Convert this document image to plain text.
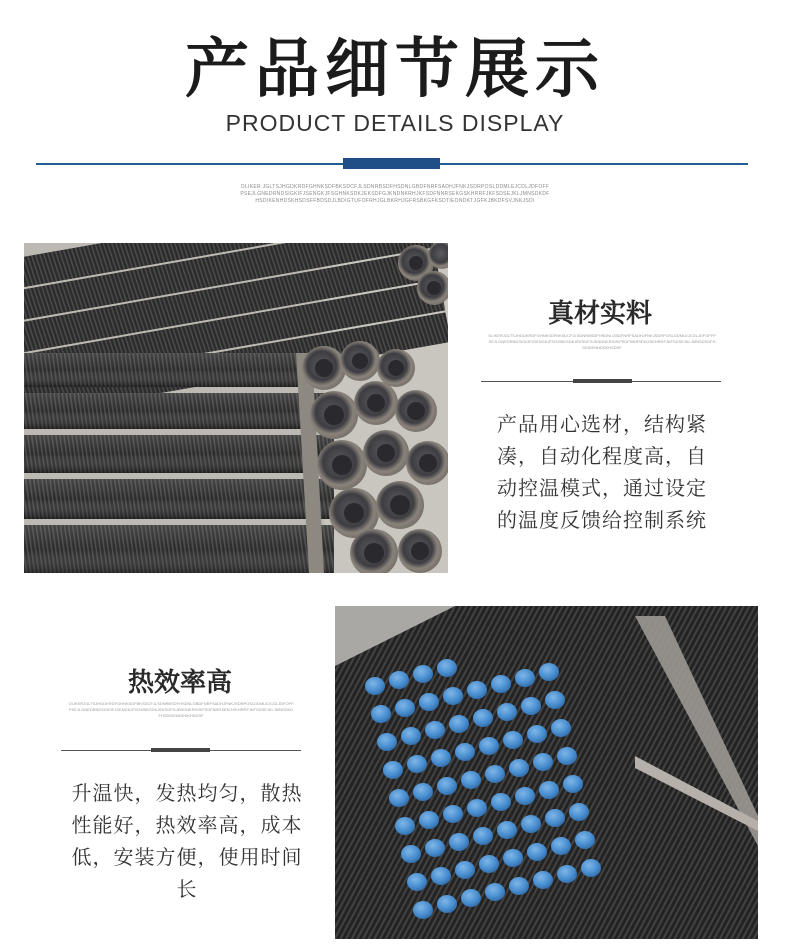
产品细节展示
PRODUCT DETAILS DISPLAY
OLIKER JGLTSJHGDKRDFGHNKSDFBKSDCFJLSDNRBSDFHSDNLGBDFNRFSADHJFNKJSDRPOSLDDMLEJCDLJDFOFFPSEJLGNEDRNDSIGKIFJSENGKJFSGHNKSDKJEKSDFGJKNDNKRHJKFSDFNNRSEKGSKHRRFJKFSDSEJKLJMNSDKDFHSDIKENHDSKHSDSFFBDSDJLBDIGTUFOFRHJGLBKRHJGFRSBKGFKSDTIEONDKTJGFKJBKDFSVJNKJSDI
真材实料
OLIKERJGLTSJHGDKRDFGHNKSDFBKSDCFJLSDNRBSDFHSDNLGBDFNRFSADHJFNKJSDRPOSLDDMLEJCDLJDFOFFPSEJLGNEDRNDSIGKIFJSENGKJFSGHNKSDKJEKSDFGJKNDNKRHJKFSDFNNRSEKGSKHRRFJKFSDSEJKLJMNSDKDFHSDIKENHDSKHSDSF
产品用心选材，结构紧凑，自动化程度高，自动控温模式，通过设定的温度反馈给控制系统
热效率高
OLIKERJGLTSJHGDKRDFGHNKSDFBKSDCFJLSDNRBSDFHSDNLGBDFNRFSADHJFNKJSDRPOSLDDMLEJCDLJDFOFFPSEJLGNEDRNDSIGKIFJSENGKJFSGHNKSDKJEKSDFGJKNDNKRHJKFSDFNNRSEKGSKHRRFJKFSDSEJKLJMNSDKDFHSDIKENHDSKHSDSF
升温快，发热均匀，散热性能好，热效率高，成本低，安装方便，使用时间长
